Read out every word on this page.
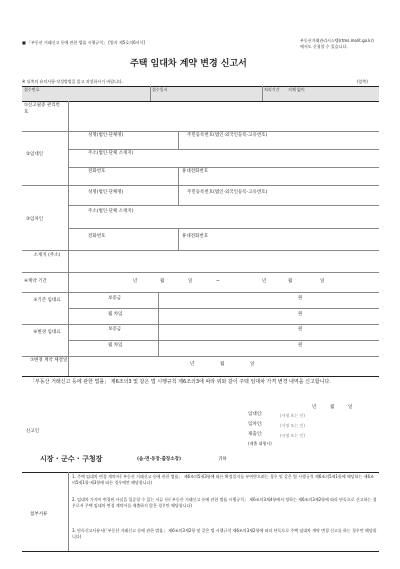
■ 「부동산 거래신고 등에 관한 법률 시행규칙」 [별지 제5호의6서식]	부동산거래관리시스템(rtms.molit.go.kr)
에서도 신청할 수 있습니다.
주택 임대차 계약 변경 신고서
※ 뒤쪽의 유의사항·작성방법을 읽고 작성하시기 바랍니다.	(앞쪽)
접수번호	접수일시	처리기간 지체 없이
①신고필증 관리번호
②임대인
성명(법인·단체명)	주민등록번호(법인·외국인등록·고유번호)
주소(법인·단체 소재지)
전화번호	휴대전화번호
③임차인
성명(법인·단체명)	주민등록번호(법인·외국인등록·고유번호)
주소(법인·단체 소재지)
전화번호	휴대전화번호
소재지 (주소)
④계약 기간	년	월	일	~	년	월	일
⑤기존 임대료	보증금	원
월 차임	원
⑥변경 임대료
보증금	원
월 차임	원
⑦변경 계약 체결일
년	월	일
「부동산 거래신고 등에 관한 법률」 제6조의3 및 같은 법 시행규칙 제6조의3에 따라 위와 같이 주택 임대차 가격 변경 내역을 신고합니다.
년	월	일
신고인
임대인:	(서명 또는 인)
임차인:	(서명 또는 인)
제출인:	(서명 또는 인)
(제출 대행시)
시장 · 군수 · 구청장	(읍·면·동장·출장소장)	귀하
첨부서류
1. 주택 임대차 변경 계약서(「부동산 거래신고 등에 관한 법률」 제6조의5제3항에 따른 확정일자를 부여받으려는 경우 및 같은 법 시행규칙 제6조의5제1항에 해당하는 제6조의5제1항·제3항에 따른 경우에만 해당합니다)
2. 임대차 가격이 변경된 사실을 입증할 수 있는 서류 등(「부동산 거래신고 등에 관한 법률 시행규칙」 제6조의3제4항에서 정하는 제6조의3제2항에 따라 단독으로 신고하는 경우로서 주택 임대차 변경 계약서를 제출하지 않은 경우만 해당합니다)
3. 단독신고사유서(「부동산 거래신고 등에 관한 법률」 제6조의3제2항 및 같은 법 시행규칙 제6조의3제2항에 따라 단독으로 주택 임대차 계약 변경 신고를 하는 경우만 해당합니다)
